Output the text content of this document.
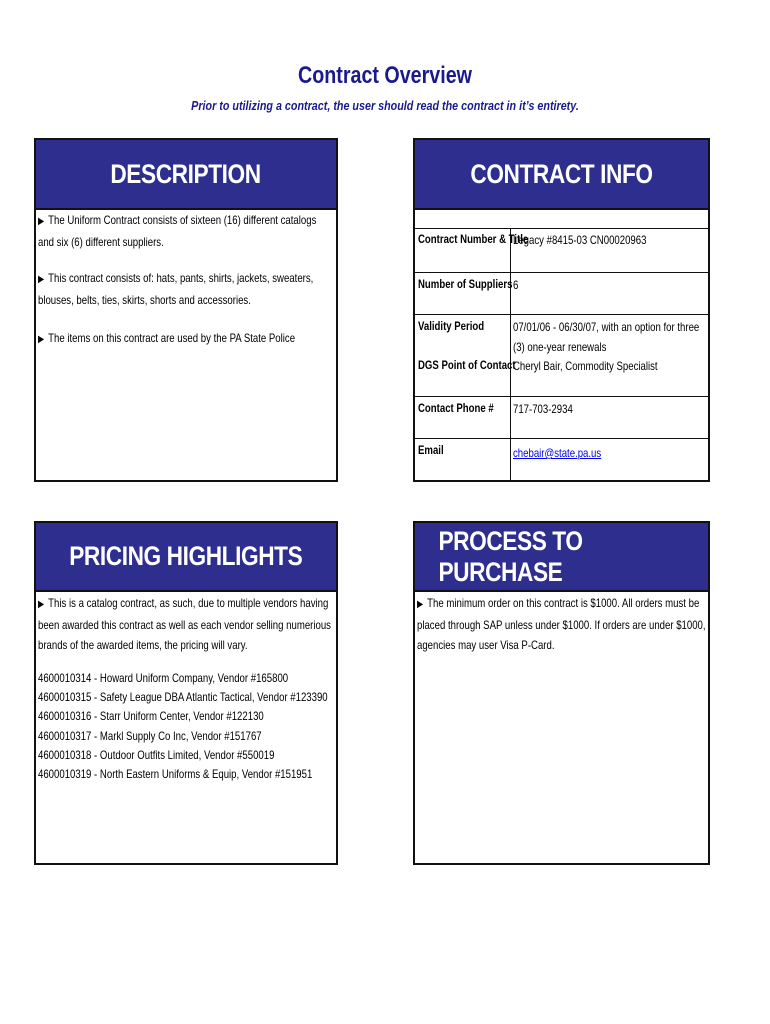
Contract Overview
Prior to utilizing a contract, the user should read the contract in it’s entirety.
DESCRIPTION
▶ The Uniform Contract consists of sixteen (16) different catalogs and six (6) different suppliers.
▶ This contract consists of: hats, pants, shirts, jackets, sweaters, blouses, belts, ties, skirts, shorts and accessories.
▶ The items on this contract are used by the PA State Police
CONTRACT INFO
Contract Number & Title
Legacy #8415-03 CN00020963
Number of Suppliers 6
Validity Period 07/01/06 - 06/30/07, with an option for three (3) one-year renewals
DGS Point of Contact
Cheryl Bair, Commodity Specialist
Contact Phone # 717-703-2934
Email	chebair@state.pa.us
PRICING HIGHLIGHTS
▶ This is a catalog contract, as such, due to multiple vendors having been awarded this contract as well as each vendor selling numerious brands of the awarded items, the pricing will vary.
4600010314 - Howard Uniform Company, Vendor #165800
4600010315 - Safety League DBA Atlantic Tactical, Vendor #123390
4600010316 - Starr Uniform Center, Vendor #122130
4600010317 - Markl Supply Co Inc, Vendor #151767
4600010318 - Outdoor Outfits Limited, Vendor #550019
4600010319 - North Eastern Uniforms & Equip, Vendor #151951
PROCESS TO PURCHASE
▶ The minimum order on this contract is $1000. All orders must be placed through SAP unless under $1000. If orders are under $1000, agencies may user Visa P-Card.
